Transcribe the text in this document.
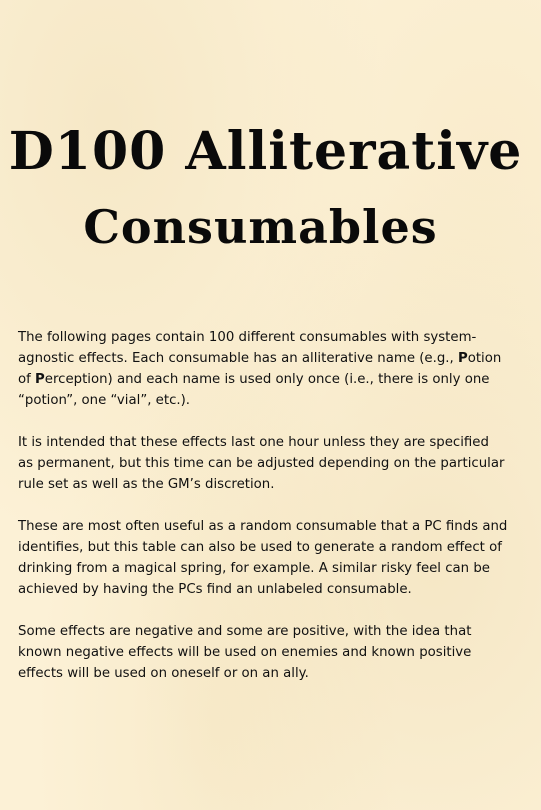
D100 Alliterative
Consumables

The following pages contain 100 different consumables with system-agnostic effects. Each consumable has an alliterative name (e.g., Potion of Perception) and each name is used only once (i.e., there is only one “potion”, one “vial”, etc.).

It is intended that these effects last one hour unless they are specified as permanent, but this time can be adjusted depending on the particular rule set as well as the GM’s discretion.

These are most often useful as a random consumable that a PC finds and identifies, but this table can also be used to generate a random effect of drinking from a magical spring, for example. A similar risky feel can be achieved by having the PCs find an unlabeled consumable.

Some effects are negative and some are positive, with the idea that known negative effects will be used on enemies and known positive effects will be used on oneself or on an ally.
